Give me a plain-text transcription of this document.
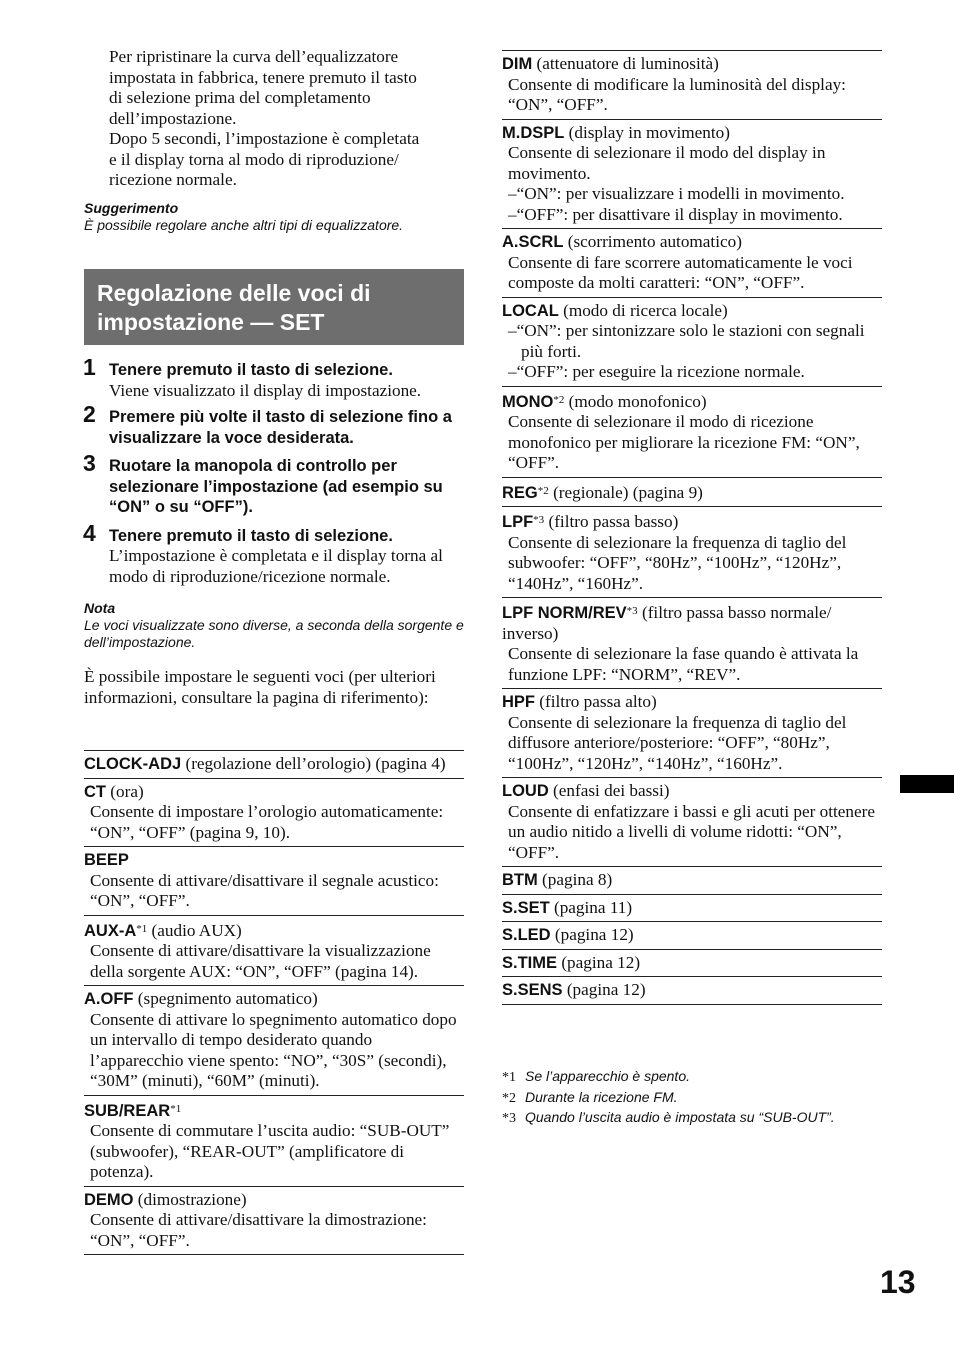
Per ripristinare la curva dell’equalizzatore
impostata in fabbrica, tenere premuto il tasto
di selezione prima del completamento
dell’impostazione.
Dopo 5 secondi, l’impostazione è completata
e il display torna al modo di riproduzione/
ricezione normale.
Suggerimento
È possibile regolare anche altri tipi di equalizzatore.
Regolazione delle voci di
impostazione — SET
1 Tenere premuto il tasto di selezione.
Viene visualizzato il display di impostazione.
2 Premere più volte il tasto di selezione fino a visualizzare la voce desiderata.
3 Ruotare la manopola di controllo per selezionare l’impostazione (ad esempio su “ON” o su “OFF”).
4 Tenere premuto il tasto di selezione.
L’impostazione è completata e il display torna al modo di riproduzione/ricezione normale.
Nota
Le voci visualizzate sono diverse, a seconda della sorgente e dell’impostazione.
È possibile impostare le seguenti voci (per ulteriori informazioni, consultare la pagina di riferimento):
CLOCK-ADJ (regolazione dell’orologio) (pagina 4)
CT (ora)
Consente di impostare l’orologio automaticamente: “ON”, “OFF” (pagina 9, 10).
BEEP
Consente di attivare/disattivare il segnale acustico: “ON”, “OFF”.
AUX-$A^{*1}$ (audio AUX)
Consente di attivare/disattivare la visualizzazione della sorgente AUX: “ON”, “OFF” (pagina 14).
A.OFF (spegnimento automatico)
Consente di attivare lo spegnimento automatico dopo un intervallo di tempo desiderato quando l’apparecchio viene spento: “NO”, “30S” (secondi), “30M” (minuti), “60M” (minuti).
SUB/REAR$^{*1}$
Consente di commutare l’uscita audio: “SUB-OUT” (subwoofer), “REAR-OUT” (amplificatore di potenza).
DEMO (dimostrazione)
Consente di attivare/disattivare la dimostrazione: “ON”, “OFF”.
DIM (attenuatore di luminosità)
Consente di modificare la luminosità del display: “ON”, “OFF”.
M.DSPL (display in movimento)
Consente di selezionare il modo del display in movimento.
–“ON”: per visualizzare i modelli in movimento.
–“OFF”: per disattivare il display in movimento.
A.SCRL (scorrimento automatico)
Consente di fare scorrere automaticamente le voci composte da molti caratteri: “ON”, “OFF”.
LOCAL (modo di ricerca locale)
–“ON”: per sintonizzare solo le stazioni con segnali più forti.
–“OFF”: per eseguire la ricezione normale.
MONO$^{*2}$ (modo monofonico)
Consente di selezionare il modo di ricezione monofonico per migliorare la ricezione FM: “ON”, “OFF”.
REG$^{*2}$ (regionale) (pagina 9)
LPF$^{*3}$ (filtro passa basso)
Consente di selezionare la frequenza di taglio del subwoofer: “OFF”, “80Hz”, “100Hz”, “120Hz”, “140Hz”, “160Hz”.
LPF NORM/REV$^{*3}$ (filtro passa basso normale/ inverso)
Consente di selezionare la fase quando è attivata la funzione LPF: “NORM”, “REV”.
HPF (filtro passa alto)
Consente di selezionare la frequenza di taglio del diffusore anteriore/posteriore: “OFF”, “80Hz”, “100Hz”, “120Hz”, “140Hz”, “160Hz”.
LOUD (enfasi dei bassi)
Consente di enfatizzare i bassi e gli acuti per ottenere un audio nitido a livelli di volume ridotti: “ON”, “OFF”.
BTM (pagina 8)
S.SET (pagina 11)
S.LED (pagina 12)
S.TIME (pagina 12)
S.SENS (pagina 12)
*1 Se l’apparecchio è spento.
*2 Durante la ricezione FM.
*3 Quando l’uscita audio è impostata su “SUB-OUT”.
13
